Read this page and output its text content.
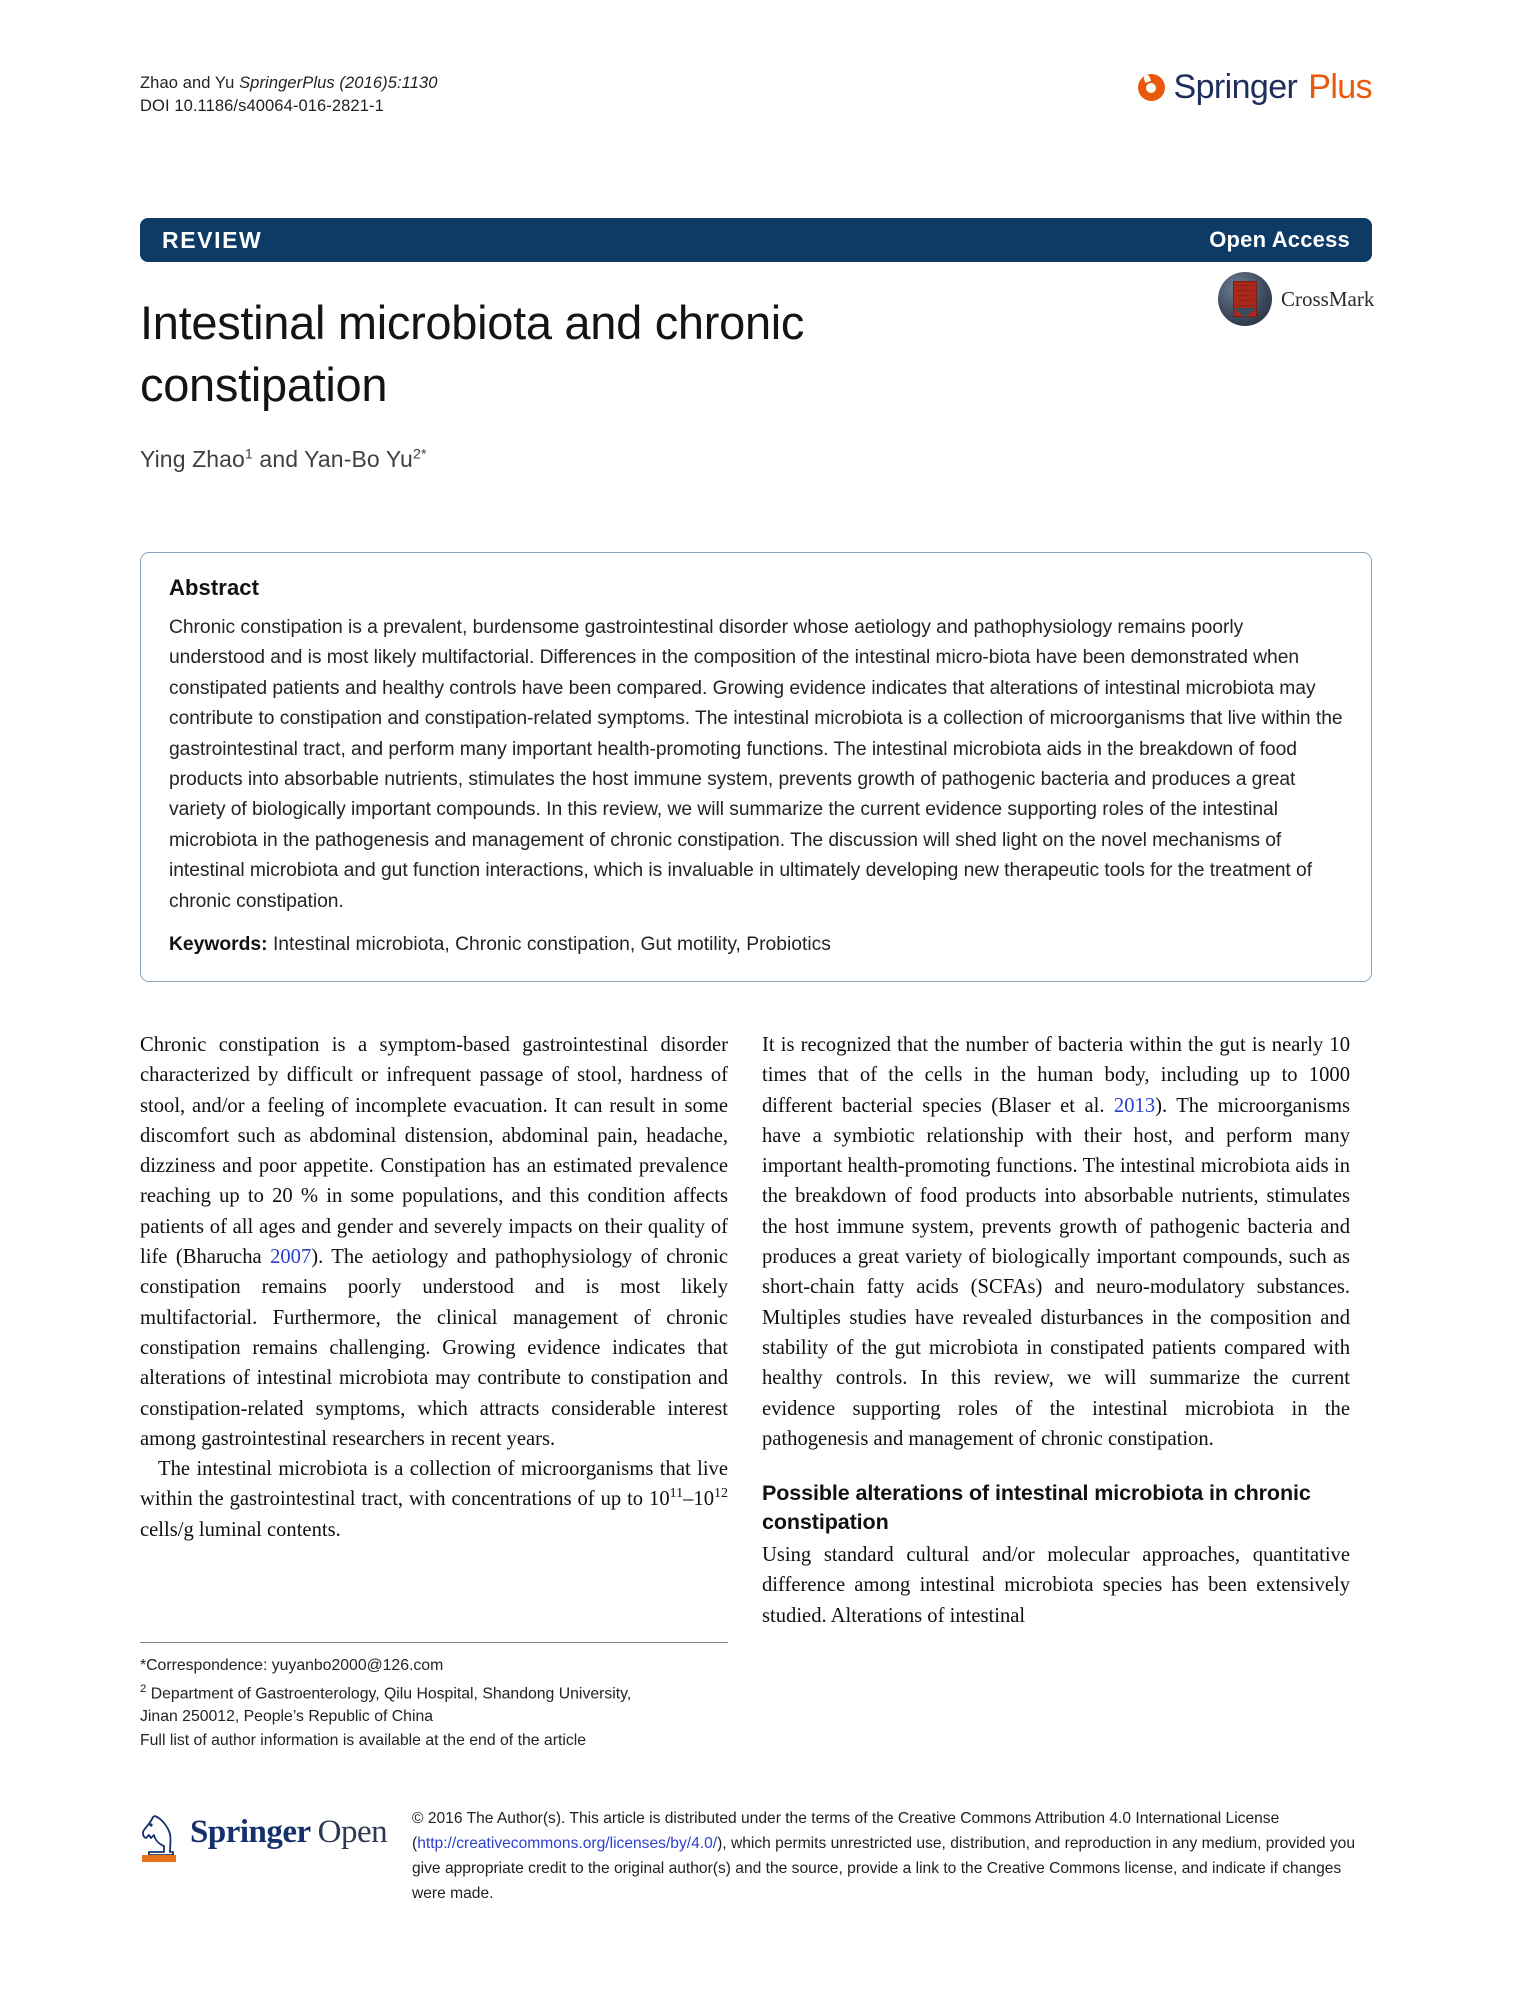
Zhao and Yu SpringerPlus (2016)5:1130
DOI 10.1186/s40064-016-2821-1	Springer Plus
REVIEW	Open Access
CrossMark
Intestinal microbiota and chronic constipation
Ying Zhao$^1$ and Yan-Bo $Yu^{2*}$
Abstract

Chronic constipation is a prevalent, burdensome gastrointestinal disorder whose aetiology and pathophysiology remains poorly understood and is most likely multifactorial. Differences in the composition of the intestinal micro-biota have been demonstrated when constipated patients and healthy controls have been compared. Growing evidence indicates that alterations of intestinal microbiota may contribute to constipation and constipation-related symptoms. The intestinal microbiota is a collection of microorganisms that live within the gastrointestinal tract, and perform many important health-promoting functions. The intestinal microbiota aids in the breakdown of food products into absorbable nutrients, stimulates the host immune system, prevents growth of pathogenic bacteria and produces a great variety of biologically important compounds. In this review, we will summarize the current evidence supporting roles of the intestinal microbiota in the pathogenesis and management of chronic constipation. The discussion will shed light on the novel mechanisms of intestinal microbiota and gut function interactions, which is invaluable in ultimately developing new therapeutic tools for the treatment of chronic constipation.

Keywords: Intestinal microbiota, Chronic constipation, Gut motility, Probiotics

Chronic constipation is a symptom-based gastrointestinal disorder characterized by difficult or infrequent passage of stool, hardness of stool, and/or a feeling of incomplete evacuation. It can result in some discomfort such as abdominal distension, abdominal pain, headache, dizziness and poor appetite. Constipation has an estimated prevalence reaching up to 20 % in some populations, and this condition affects patients of all ages and gender and severely impacts on their quality of life (Bharucha 2007). The aetiology and pathophysiology of chronic constipation remains poorly understood and is most likely multifactorial. Furthermore, the clinical management of chronic constipation remains challenging. Growing evidence indicates that alterations of intestinal microbiota may contribute to constipation and constipation-related symptoms, which attracts considerable interest among gastrointestinal researchers in recent years.

The intestinal microbiota is a collection of microorganisms that live within the gastrointestinal tract, with concentrations of up to $10^{11}-10^{12}$ cells/g luminal contents.

It is recognized that the number of bacteria within the gut is nearly 10 times that of the cells in the human body, including up to 1000 different bacterial species (Blaser et al. 2013). The microorganisms have a symbiotic relationship with their host, and perform many important health-promoting functions. The intestinal microbiota aids in the breakdown of food products into absorbable nutrients, stimulates the host immune system, prevents growth of pathogenic bacteria and produces a great variety of biologically important compounds, such as short-chain fatty acids (SCFAs) and neuro-modulatory substances. Multiples studies have revealed disturbances in the composition and stability of the gut microbiota in constipated patients compared with healthy controls. In this review, we will summarize the current evidence supporting roles of the intestinal microbiota in the pathogenesis and management of chronic constipation.

Possible alterations of intestinal microbiota in chronic constipation

Using standard cultural and/or molecular approaches, quantitative difference among intestinal microbiota species has been extensively studied. Alterations of intestinal

*Correspondence: yuyanbo2000@126.com
$^2$ Department of Gastroenterology, Qilu Hospital, Shandong University,
Jinan 250012, People’s Republic of China
Full list of author information is available at the end of the article
Springer Open © 2016 The Author(s). This article is distributed under the terms of the Creative Commons Attribution 4.0 International License (http://creativecommons.org/licenses/by/4.0/), which permits unrestricted use, distribution, and reproduction in any medium, provided you give appropriate credit to the original author(s) and the source, provide a link to the Creative Commons license, and indicate if changes were made.
